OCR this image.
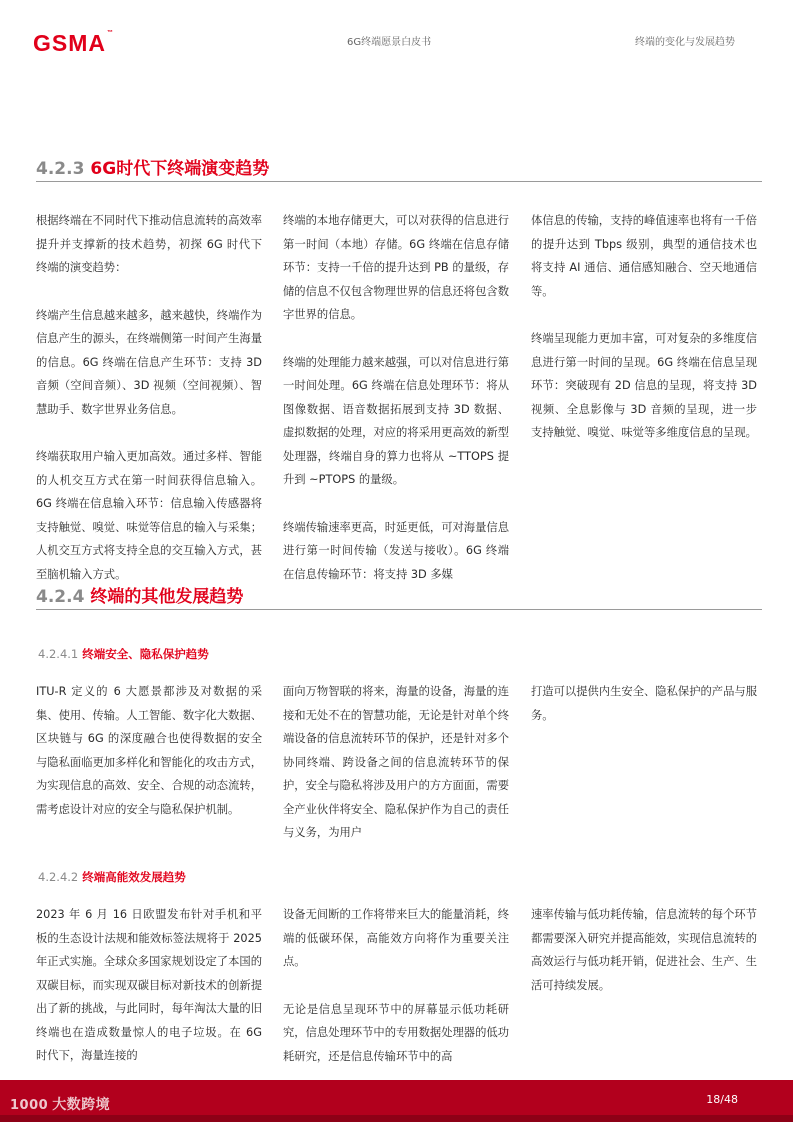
GSMA™
6G终端愿景白皮书	终端的变化与发展趋势
4.2.3 6G时代下终端演变趋势

根据终端在不同时代下推动信息流转的高效率提升并支撑新的技术趋势，初探 6G 时代下终端的演变趋势：

终端产生信息越来越多，越来越快，终端作为信息产生的源头，在终端侧第一时间产生海量的信息。6G 终端在信息产生环节：支持 3D 音频（空间音频）、3D 视频（空间视频）、智慧助手、数字世界业务信息。

终端获取用户输入更加高效。通过多样、智能的人机交互方式在第一时间获得信息输入。6G 终端在信息输入环节：信息输入传感器将支持触觉、嗅觉、味觉等信息的输入与采集；人机交互方式将支持全息的交互输入方式，甚至脑机输入方式。

终端的本地存储更大，可以对获得的信息进行第一时间（本地）存储。6G 终端在信息存储环节：支持一千倍的提升达到 PB 的量级，存储的信息不仅包含物理世界的信息还将包含数字世界的信息。

终端的处理能力越来越强，可以对信息进行第一时间处理。6G 终端在信息处理环节：将从图像数据、语音数据拓展到支持 3D 数据、虚拟数据的处理，对应的将采用更高效的新型处理器，终端自身的算力也将从 ~TTOPS 提升到 ~PTOPS 的量级。

终端传输速率更高，时延更低，可对海量信息进行第一时间传输（发送与接收）。6G 终端在信息传输环节：将支持 3D 多媒

体信息的传输，支持的峰值速率也将有一千倍的提升达到 Tbps 级别，典型的通信技术也将支持 AI 通信、通信感知融合、空天地通信等。

终端呈现能力更加丰富，可对复杂的多维度信息进行第一时间的呈现。6G 终端在信息呈现环节：突破现有 2D 信息的呈现，将支持 3D 视频、全息影像与 3D 音频的呈现，进一步支持触觉、嗅觉、味觉等多维度信息的呈现。

4.2.4 终端的其他发展趋势
4.2.4.1 终端安全、隐私保护趋势

ITU-R 定义的 6 大愿景都涉及对数据的采集、使用、传输。人工智能、数字化大数据、区块链与 6G 的深度融合也使得数据的安全与隐私面临更加多样化和智能化的攻击方式，为实现信息的高效、安全、合规的动态流转，需考虑设计对应的安全与隐私保护机制。

面向万物智联的将来，海量的设备，海量的连接和无处不在的智慧功能，无论是针对单个终端设备的信息流转环节的保护，还是针对多个协同终端、跨设备之间的信息流转环节的保护，安全与隐私将涉及用户的方方面面，需要全产业伙伴将安全、隐私保护作为自己的责任与义务，为用户

打造可以提供内生安全、隐私保护的产品与服务。

4.2.4.2 终端高能效发展趋势

2023 年 6 月 16 日欧盟发布针对手机和平板的生态设计法规和能效标签法规将于 2025 年正式实施。全球众多国家规划设定了本国的双碳目标，而实现双碳目标对新技术的创新提出了新的挑战，与此同时，每年淘汰大量的旧终端也在造成数量惊人的电子垃圾。在 6G 时代下，海量连接的

设备无间断的工作将带来巨大的能量消耗，终端的低碳环保，高能效方向将作为重要关注点。

无论是信息呈现环节中的屏幕显示低功耗研究，信息处理环节中的专用数据处理器的低功耗研究，还是信息传输环节中的高

速率传输与低功耗传输，信息流转的每个环节都需要深入研究并提高能效，实现信息流转的高效运行与低功耗开销，促进社会、生产、生活可持续发展。

1000 大数跨境	18/48
